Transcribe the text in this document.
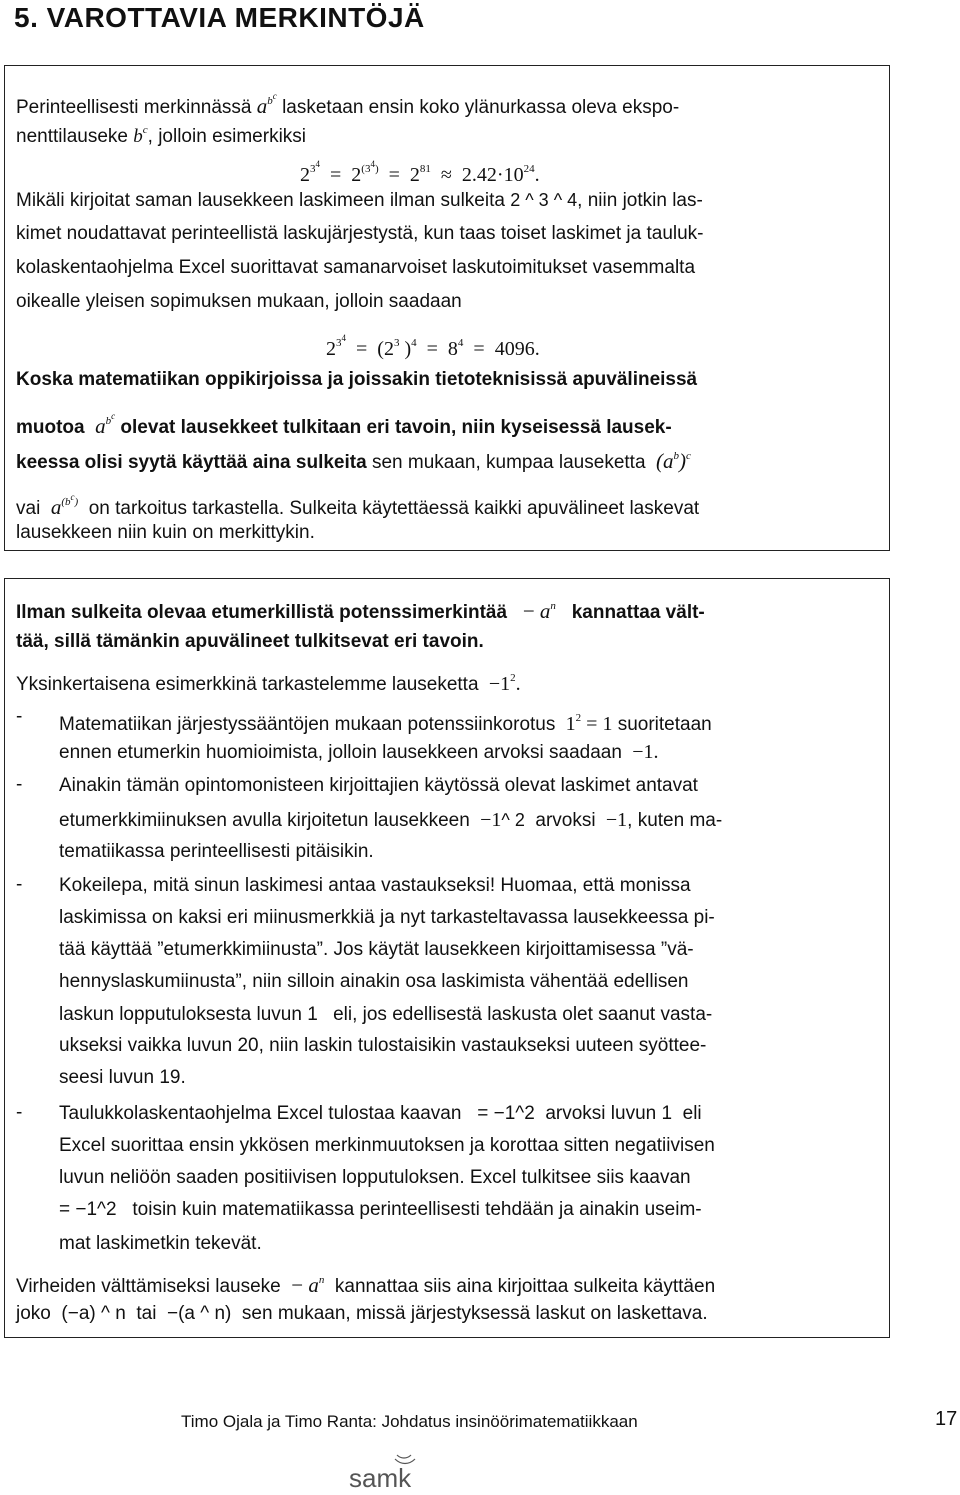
5. VAROTTAVIA MERKINTÖJÄ
Perinteellisesti merkinnässä $a^{b^c}$ lasketaan ensin koko ylänurkassa oleva ekspo-
nenttilauseke $b^c$, jolloin esimerkiksi
$2^{3^4} = 2^{(3^4)} = 2^{81} \approx 2.42\cdot 10^{24}$.
Mikäli kirjoitat saman lausekkeen laskimeen ilman sulkeita 2 ^ 3 ^ 4, niin jotkin las-
kimet noudattavat perinteellistä laskujärjestystä, kun taas toiset laskimet ja tauluk-
kolaskentaohjelma Excel suorittavat samanarvoiset laskutoimitukset vasemmalta
oikealle yleisen sopimuksen mukaan, jolloin saadaan
$2^{3^4} = (2^3$ )$^4 = 8^4 = 4096$.
Koska matematiikan oppikirjoissa ja joissakin tietoteknisissä apuvälineissä
muotoa $a^{b^c}$ olevat lausekkeet tulkitaan eri tavoin, niin kyseisessä lausek-
keessa olisi syytä käyttää aina sulkeita sen mukaan, kumpaa lauseketta  $(a^b)^c$
vai $a^{(b^c)}$ on tarkoitus tarkastella. Sulkeita käytettäessä kaikki apuvälineet laskevat
lausekkeen niin kuin on merkittykin.
Ilman sulkeita olevaa etumerkillistä potenssimerkintää − $a^n$ kannattaa vält-
tää, sillä tämänkin apuvälineet tulkitsevat eri tavoin.
Yksinkertaisena esimerkkinä tarkastelemme lauseketta $-1^2$.
- Matematiikan järjestyssääntöjen mukaan potenssiinkorotus $1^2 = 1$ suoritetaan
ennen etumerkin huomioimista, jolloin lausekkeen arvoksi saadaan −1.
- Ainakin tämän opintomonisteen kirjoittajien käytössä olevat laskimet antavat
etumerkkimiinuksen avulla kirjoitetun lausekkeen −1^ 2 arvoksi −1, kuten ma-
tematiikassa perinteellisesti pitäisikin.
- Kokeilepa, mitä sinun laskimesi antaa vastaukseksi! Huomaa, että monissa
laskimissa on kaksi eri miinusmerkkiä ja nyt tarkasteltavassa lausekkeessa pi-
tää käyttää ”etumerkkimiinusta”. Jos käytät lausekkeen kirjoittamisessa ”vä-
hennyslaskumiinusta”, niin silloin ainakin osa laskimista vähentää edellisen
laskun lopputuloksesta luvun 1 eli, jos edellisestä laskusta olet saanut vasta-
ukseksi vaikka luvun 20, niin laskin tulostaisikin vastaukseksi uuteen syöttee-
seesi luvun 19.
- Taulukkolaskentaohjelma Excel tulostaa kaavan = −1^2 arvoksi luvun 1 eli
Excel suorittaa ensin ykkösen merkinmuutoksen ja korottaa sitten negatiivisen
luvun neliöön saaden positiivisen lopputuloksen. Excel tulkitsee siis kaavan
= −1^2 toisin kuin matematiikassa perinteellisesti tehdään ja ainakin useim-
mat laskimetkin tekevät.
Virheiden välttämiseksi lauseke − $a^n$ kannattaa siis aina kirjoittaa sulkeita käyttäen
joko (−a) ^ n tai −(a ^ n) sen mukaan, missä järjestyksessä laskut on laskettava.
Timo Ojala ja Timo Ranta: Johdatus insinöörimatematiikkaan	17
samk
